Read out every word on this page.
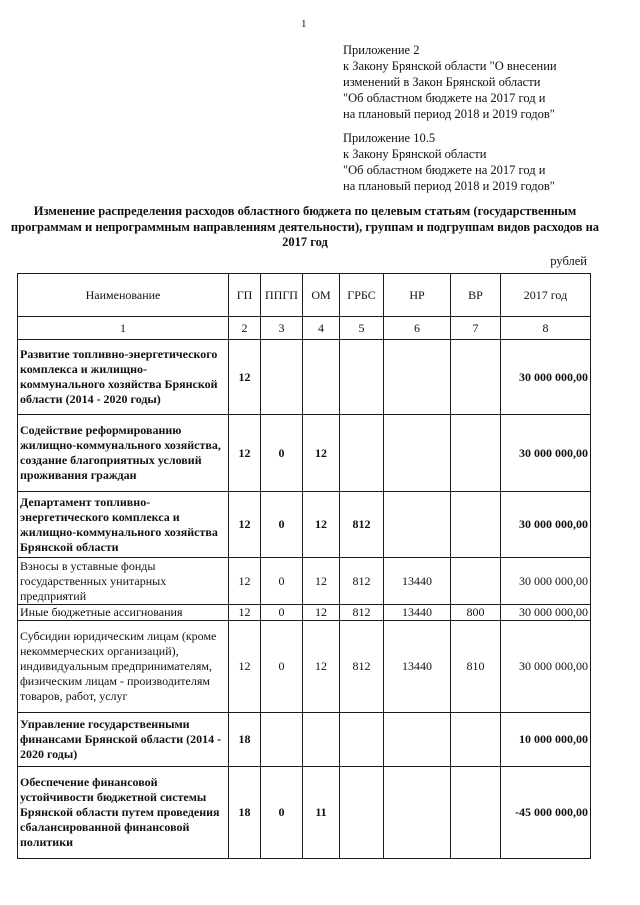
1
Приложение 2
к Закону Брянской области "О внесении
изменений в Закон Брянской области
"Об областном бюджете на 2017 год и
на плановый период 2018 и 2019 годов"
Приложение 10.5
к Закону Брянской области
"Об областном бюджете на 2017 год и
на плановый период 2018 и 2019 годов"
Изменение распределения расходов областного бюджета по целевым статьям (государственным
программам и непрограммным направлениям деятельности), группам и подгруппам видов расходов на
2017 год
рублей
Наименование	ГП	ППГП	ОМ	ГРБС	НР	ВР	2017 год
1	2	3	4	5	6	7	8

Развитие топливно-энергетического
комплекса и жилищно-
коммунального хозяйства Брянской
области (2014 - 2020 годы)	12						30 000 000,00

Содействие реформированию
жилищно-коммунального хозяйства,
создание благоприятных условий
проживания граждан	12	0	12				30 000 000,00

Департамент топливно-
энергетического комплекса и
жилищно-коммунального хозяйства
Брянской области	12	0	12	812			30 000 000,00

Взносы в уставные фонды
государственных унитарных
предприятий	12	0	12	812	13440		30 000 000,00

Иные бюджетные ассигнования	12	0	12	812	13440	800	30 000 000,00

Субсидии юридическим лицам (кроме
некоммерческих организаций),
индивидуальным предпринимателям,
физическим лицам - производителям
товаров, работ, услуг	12	0	12	812	13440	810	30 000 000,00

Управление государственными
финансами Брянской области (2014 -
2020 годы)	18						10 000 000,00

Обеспечение финансовой
устойчивости бюджетной системы
Брянской области путем проведения
сбалансированной финансовой
политики	18	0	11				-45 000 000,00
